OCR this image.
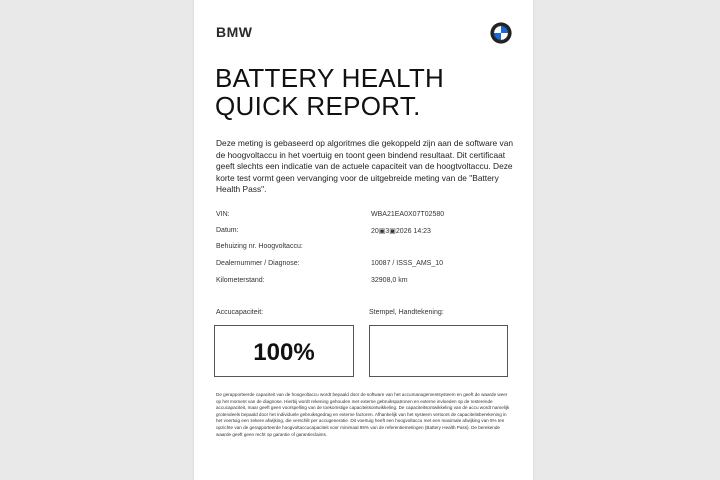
BMW
BATTERY HEALTH
QUICK REPORT.
Deze meting is gebaseerd op algoritmes die gekoppeld zijn aan de software van de hoogvoltaccu in het voertuig en toont geen bindend resultaat. Dit certificaat geeft slechts een indicatie van de actuele capaciteit van de hoogtvoltaccu. Deze korte test vormt geen vervanging voor de uitgebreide meting van de "Battery Health Pass".
VIN:	WBA21EA0X07T02580
Datum:	20▣3▣2026 14:23
Behuizing nr. Hoogvoltaccu:
Dealernummer / Diagnose:	10087 / ISSS_AMS_10
Kilometerstand:	32908,0 km
Accucapaciteit:	Stempel, Handtekening:
100%
De gerapporteerde capaciteit van de hoogvoltaccu wordt bepaald door de software van het accumanagementsysteem en geeft de waarde weer op het moment van de diagnose. Hierbij wordt rekening gehouden met externe gebruikspatronen en externe invloeden op de resterende accucapaciteit, maar geeft geen voorspelling van de toekomstige capaciteitsontwikkeling. De capaciteitsontwikkeling van de accu wordt namelijk grotendeels bepaald door het individuele gebruiksgedrag en externe factoren. Afhankelijk van het systeem vertoont de capaciteitsberekening in het voertuig een zekere afwijking, die verschilt per accugeneratie. Dit voertuig heeft een hoogvoltaccu met een maximale afwijking van 5% ten opzichte van de gerapporteerde hoogvoltaccucapaciteit voor minimaal 95% van de referentiemetingen (Battery Health Pass). De berekende waarde geeft geen recht op garantie of garantieclaims.
